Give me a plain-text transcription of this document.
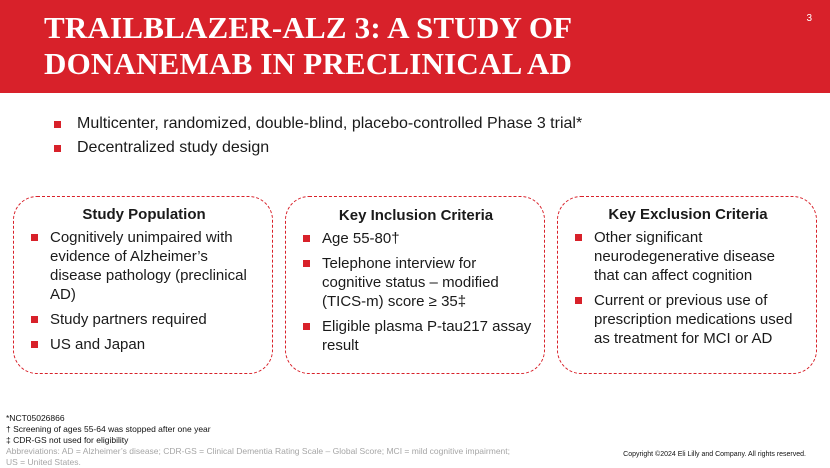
TRAILBLAZER-ALZ 3: A STUDY OF
DONANEMAB IN PRECLINICAL AD
3
Multicenter, randomized, double-blind, placebo-controlled Phase 3 trial*
Decentralized study design
Study Population
Cognitively unimpaired with evidence of Alzheimer’s disease pathology (preclinical AD)
Study partners required
US and Japan
Key Inclusion Criteria
Age 55-80†
Telephone interview for cognitive status – modified (TICS-m) score ≥ 35‡
Eligible plasma P-tau217 assay result
Key Exclusion Criteria
Other significant neurodegenerative disease that can affect cognition
Current or previous use of prescription medications used as treatment for MCI or AD
*NCT05026866
† Screening of ages 55-64 was stopped after one year
‡ CDR-GS not used for eligibility
Abbreviations: AD = Alzheimer’s disease; CDR-GS = Clinical Dementia Rating Scale – Global Score; MCI = mild cognitive impairment;
US = United States.
Copyright ©2024 Eli Lilly and Company. All rights reserved.
